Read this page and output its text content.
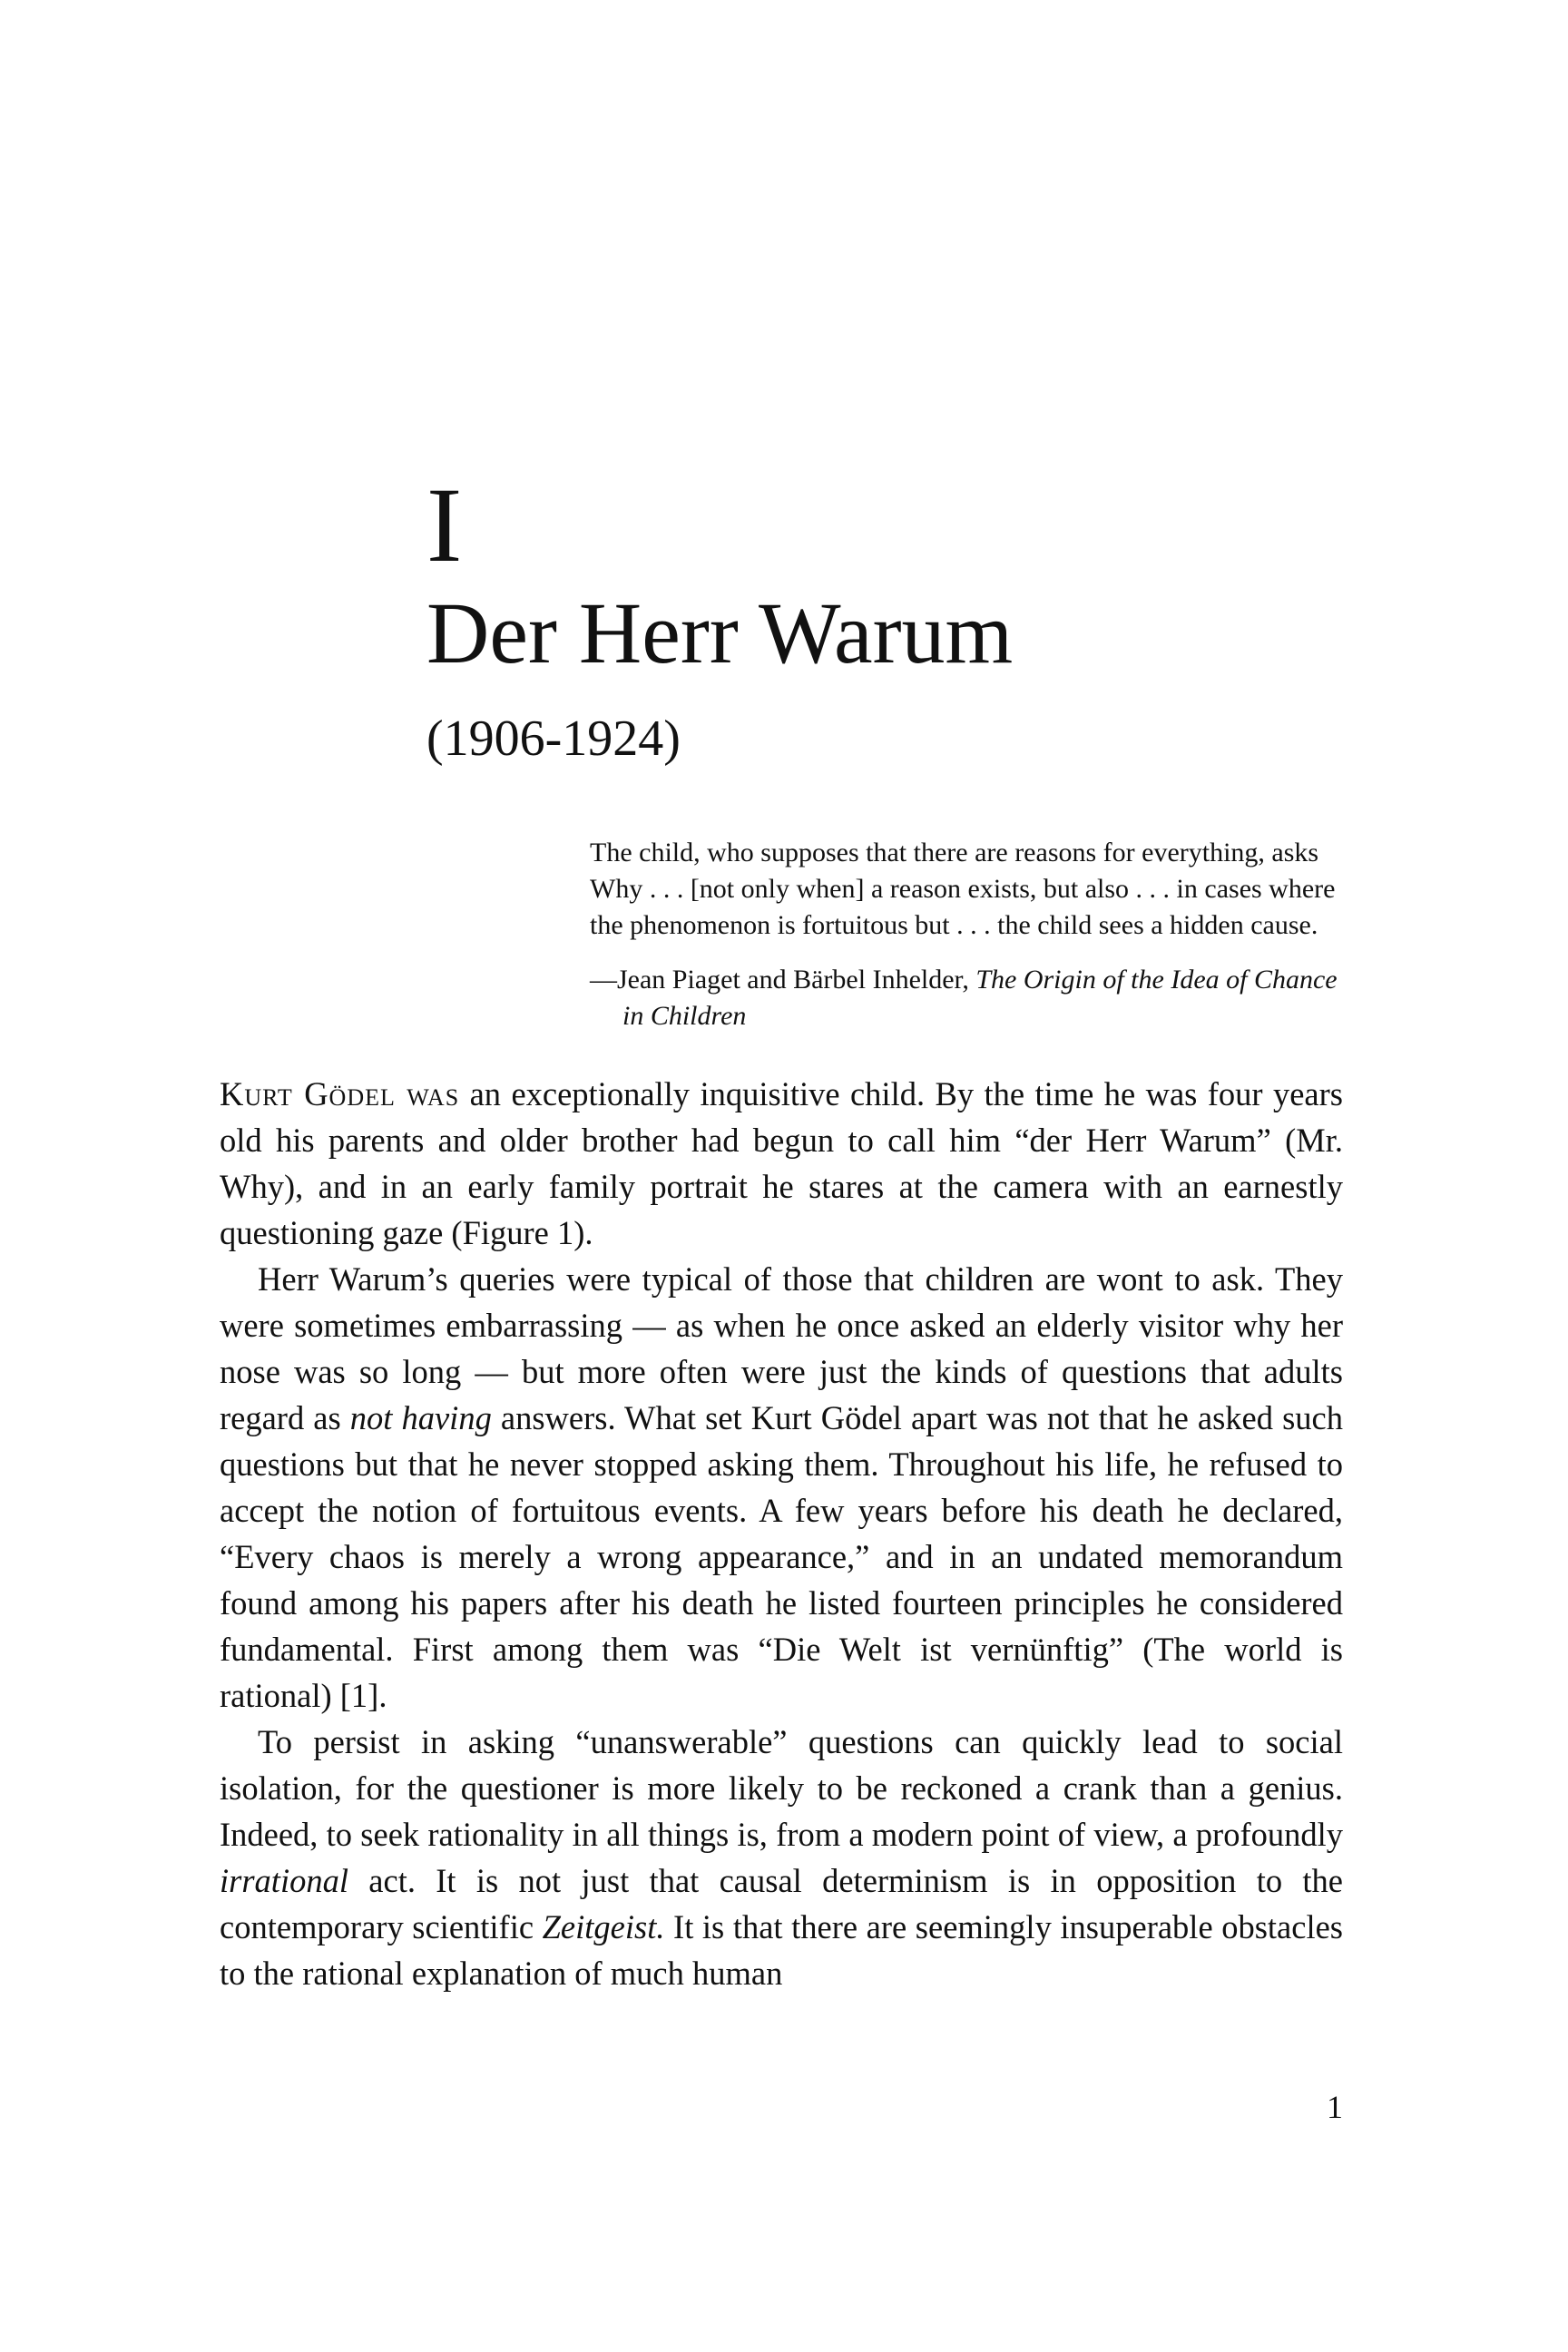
I
Der Herr Warum
(1906-1924)

The child, who supposes that there are reasons for everything, asks Why . . . [not only when] a reason exists, but also . . . in cases where the phenomenon is fortuitous but . . . the child sees a hidden cause.

—Jean Piaget and Bärbel Inhelder, The Origin of the Idea of Chance in Children

Kurt Gödel was an exceptionally inquisitive child. By the time he was four years old his parents and older brother had begun to call him “der Herr Warum” (Mr. Why), and in an early family portrait he stares at the camera with an earnestly questioning gaze (Figure 1).

Herr Warum’s queries were typical of those that children are wont to ask. They were sometimes embarrassing — as when he once asked an elderly visitor why her nose was so long — but more often were just the kinds of questions that adults regard as not having answers. What set Kurt Gödel apart was not that he asked such questions but that he never stopped asking them. Throughout his life, he refused to accept the notion of fortuitous events. A few years before his death he declared, “Every chaos is merely a wrong appearance,” and in an undated memorandum found among his papers after his death he listed fourteen principles he considered fundamental. First among them was “Die Welt ist vernünftig” (The world is rational) [1].

To persist in asking “unanswerable” questions can quickly lead to social isolation, for the questioner is more likely to be reckoned a crank than a genius. Indeed, to seek rationality in all things is, from a modern point of view, a profoundly irrational act. It is not just that causal determinism is in opposition to the contemporary scientific Zeitgeist. It is that there are seemingly insuperable obstacles to the rational explanation of much human

1
